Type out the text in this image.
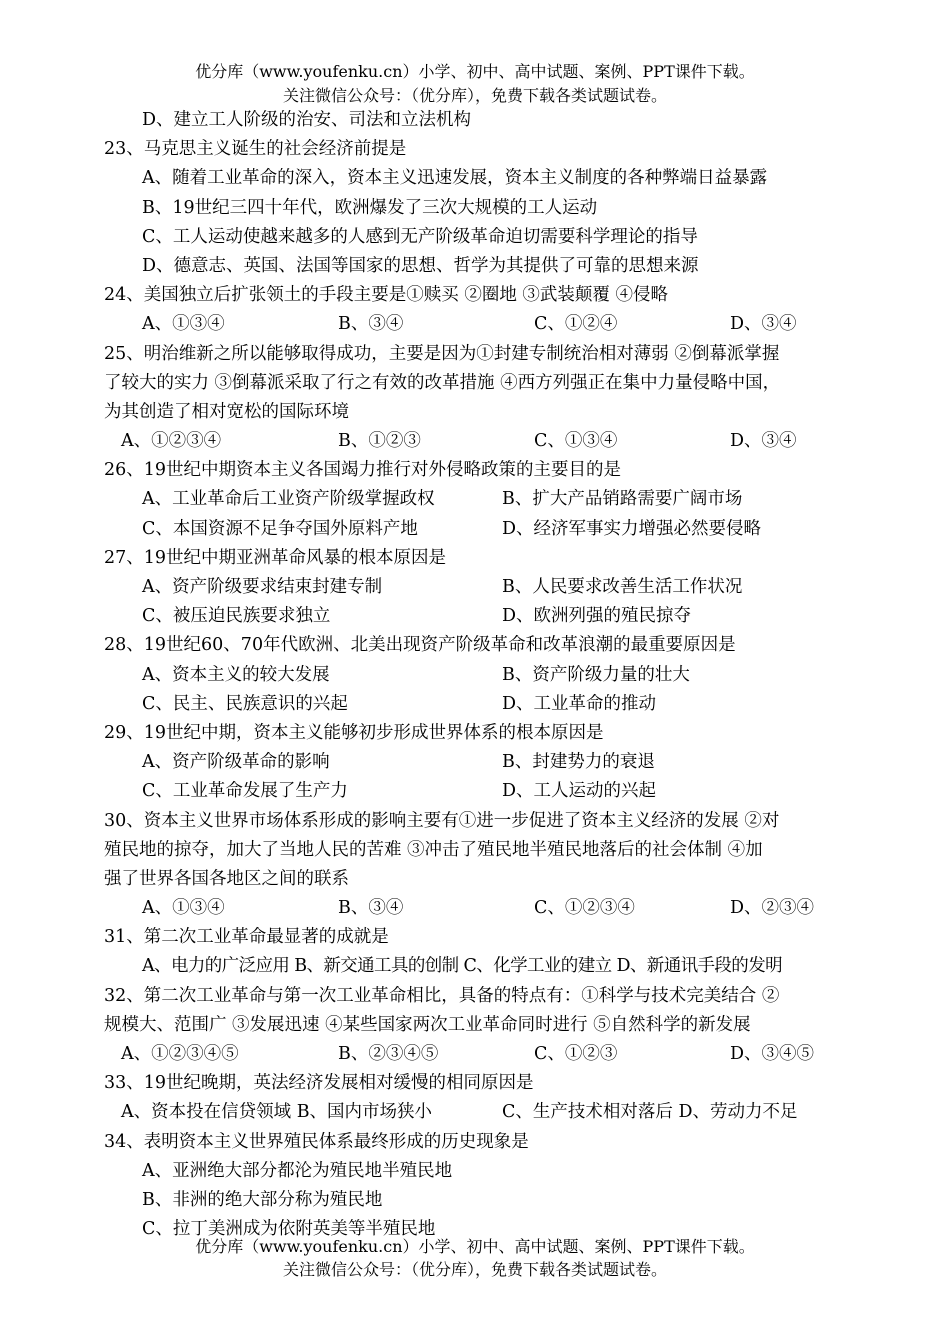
优分库（www.youfenku.cn）小学、初中、高中试题、案例、PPT课件下载。
关注微信公众号：（优分库），免费下载各类试题试卷。
D、建立工人阶级的治安、司法和立法机构
23、马克思主义诞生的社会经济前提是
A、随着工业革命的深入，资本主义迅速发展，资本主义制度的各种弊端日益暴露
B、19世纪三四十年代，欧洲爆发了三次大规模的工人运动
C、工人运动使越来越多的人感到无产阶级革命迫切需要科学理论的指导
D、德意志、英国、法国等国家的思想、哲学为其提供了可靠的思想来源
24、美国独立后扩张领土的手段主要是①赎买 ②圈地 ③武装颠覆 ④侵略
A、①③④	B、③④	C、①②④	D、③④
25、明治维新之所以能够取得成功，主要是因为①封建专制统治相对薄弱 ②倒幕派掌握
了较大的实力 ③倒幕派采取了行之有效的改革措施 ④西方列强正在集中力量侵略中国，
为其创造了相对宽松的国际环境
A、①②③④	B、①②③	C、①③④	D、③④
26、19世纪中期资本主义各国竭力推行对外侵略政策的主要目的是
A、工业革命后工业资产阶级掌握政权	B、扩大产品销路需要广阔市场
C、本国资源不足争夺国外原料产地	D、经济军事实力增强必然要侵略
27、19世纪中期亚洲革命风暴的根本原因是
A、资产阶级要求结束封建专制	B、人民要求改善生活工作状况
C、被压迫民族要求独立	D、欧洲列强的殖民掠夺
28、19世纪60、70年代欧洲、北美出现资产阶级革命和改革浪潮的最重要原因是
A、资本主义的较大发展	B、资产阶级力量的壮大
C、民主、民族意识的兴起	D、工业革命的推动
29、19世纪中期，资本主义能够初步形成世界体系的根本原因是
A、资产阶级革命的影响	B、封建势力的衰退
C、工业革命发展了生产力	D、工人运动的兴起
30、资本主义世界市场体系形成的影响主要有①进一步促进了资本主义经济的发展 ②对
殖民地的掠夺，加大了当地人民的苦难 ③冲击了殖民地半殖民地落后的社会体制 ④加
强了世界各国各地区之间的联系
A、①③④	B、③④	C、①②③④	D、②③④
31、第二次工业革命最显著的成就是
A、电力的广泛应用 B、新交通工具的创制 C、化学工业的建立 D、新通讯手段的发明
32、第二次工业革命与第一次工业革命相比，具备的特点有：①科学与技术完美结合 ②
规模大、范围广 ③发展迅速 ④某些国家两次工业革命同时进行 ⑤自然科学的新发展
A、①②③④⑤	B、②③④⑤	C、①②③	D、③④⑤
33、19世纪晚期，英法经济发展相对缓慢的相同原因是
A、资本投在信贷领域 B、国内市场狭小	C、生产技术相对落后 D、劳动力不足
34、表明资本主义世界殖民体系最终形成的历史现象是
A、亚洲绝大部分都沦为殖民地半殖民地
B、非洲的绝大部分称为殖民地
C、拉丁美洲成为依附英美等半殖民地
优分库（www.youfenku.cn）小学、初中、高中试题、案例、PPT课件下载。
关注微信公众号：（优分库），免费下载各类试题试卷。
